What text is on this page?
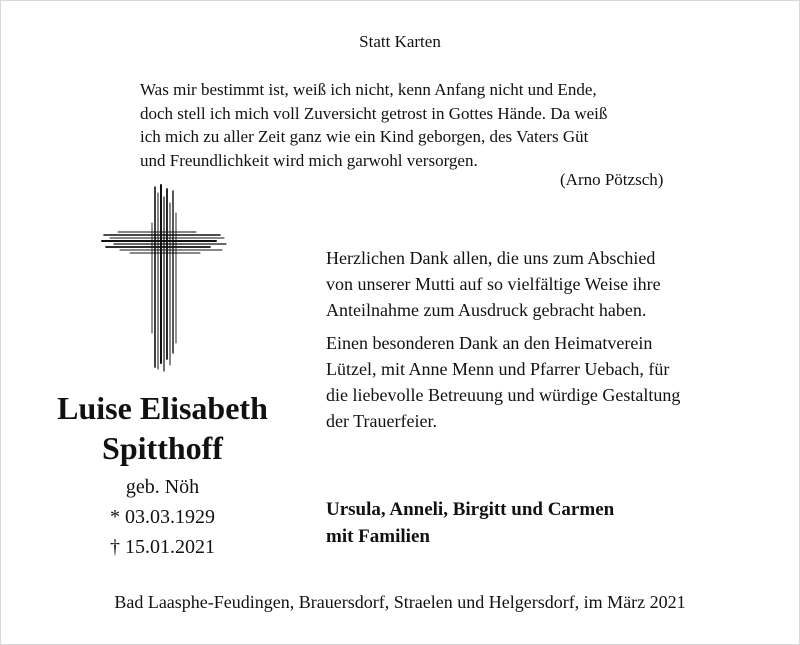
Statt Karten
Was mir bestimmt ist, weiß ich nicht, kenn Anfang nicht und Ende,
doch stell ich mich voll Zuversicht getrost in Gottes Hände. Da weiß
ich mich zu aller Zeit ganz wie ein Kind geborgen, des Vaters Güt
und Freundlichkeit wird mich garwohl versorgen.
(Arno Pötzsch)
Luise Elisabeth
Spitthoff
geb. Nöh
* 03.03.1929
† 15.01.2021
Herzlichen Dank allen, die uns zum Abschied
von unserer Mutti auf so vielfältige Weise ihre
Anteilnahme zum Ausdruck gebracht haben.
Einen besonderen Dank an den Heimatverein
Lützel, mit Anne Menn und Pfarrer Uebach, für
die liebevolle Betreuung und würdige Gestaltung
der Trauerfeier.
Ursula, Anneli, Birgitt und Carmen
mit Familien
Bad Laasphe-Feudingen, Brauersdorf, Straelen und Helgersdorf, im März 2021
